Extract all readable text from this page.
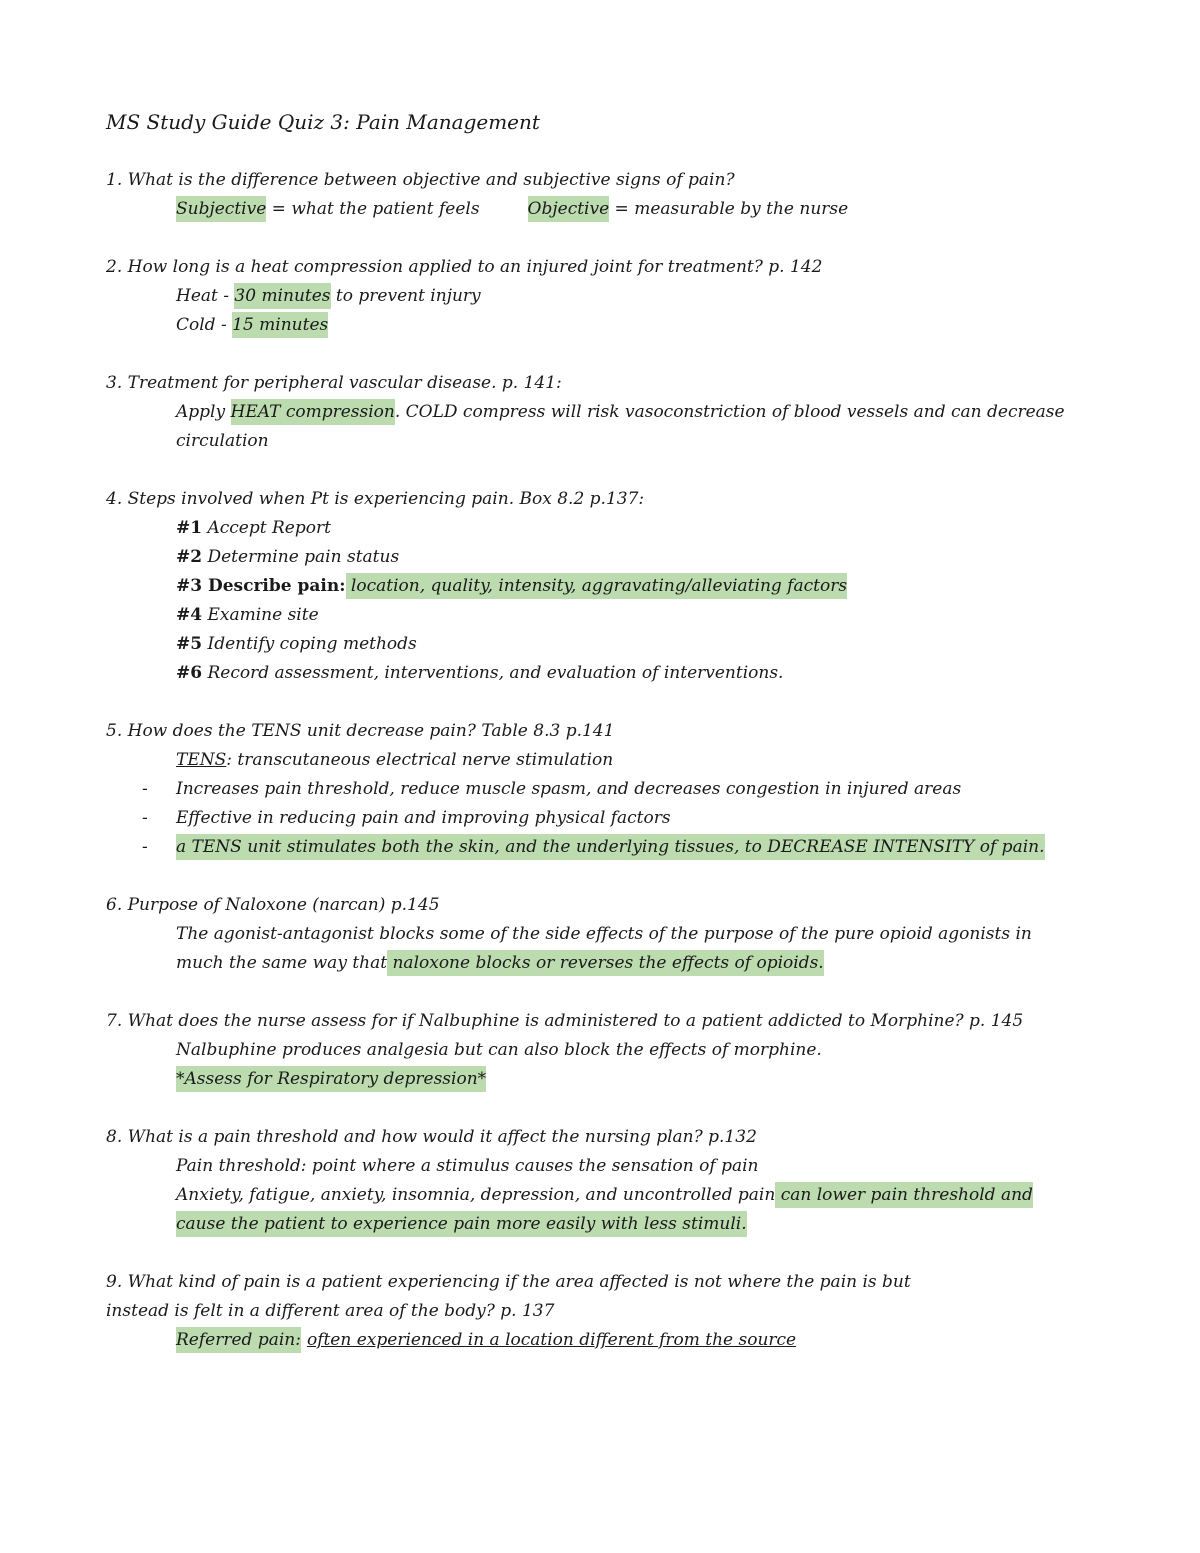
MS Study Guide Quiz 3: Pain Management
1. What is the difference between objective and subjective signs of pain?
Subjective = what the patient feels	Objective = measurable by the nurse
2. How long is a heat compression applied to an injured joint for treatment? p. 142
Heat - 30 minutes to prevent injury
Cold - 15 minutes
3. Treatment for peripheral vascular disease. p. 141:
Apply HEAT compression. COLD compress will risk vasoconstriction of blood vessels and can decrease
circulation
4. Steps involved when Pt is experiencing pain. Box 8.2 p.137:
#1 Accept Report
#2 Determine pain status
#3 Describe pain: location, quality, intensity, aggravating/alleviating factors
#4 Examine site
#5 Identify coping methods
#6 Record assessment, interventions, and evaluation of interventions.
5. How does the TENS unit decrease pain? Table 8.3 p.141
TENS: transcutaneous electrical nerve stimulation
- Increases pain threshold, reduce muscle spasm, and decreases congestion in injured areas
- Effective in reducing pain and improving physical factors
- a TENS unit stimulates both the skin, and the underlying tissues, to DECREASE INTENSITY of pain.
6. Purpose of Naloxone (narcan) p.145
The agonist-antagonist blocks some of the side effects of the purpose of the pure opioid agonists in
much the same way that naloxone blocks or reverses the effects of opioids.
7. What does the nurse assess for if Nalbuphine is administered to a patient addicted to Morphine? p. 145
Nalbuphine produces analgesia but can also block the effects of morphine.
*Assess for Respiratory depression*
8. What is a pain threshold and how would it affect the nursing plan? p.132
Pain threshold: point where a stimulus causes the sensation of pain
Anxiety, fatigue, anxiety, insomnia, depression, and uncontrolled pain can lower pain threshold and
cause the patient to experience pain more easily with less stimuli.
9. What kind of pain is a patient experiencing if the area affected is not where the pain is but
instead is felt in a different area of the body? p. 137
Referred pain: often experienced in a location different from the source
